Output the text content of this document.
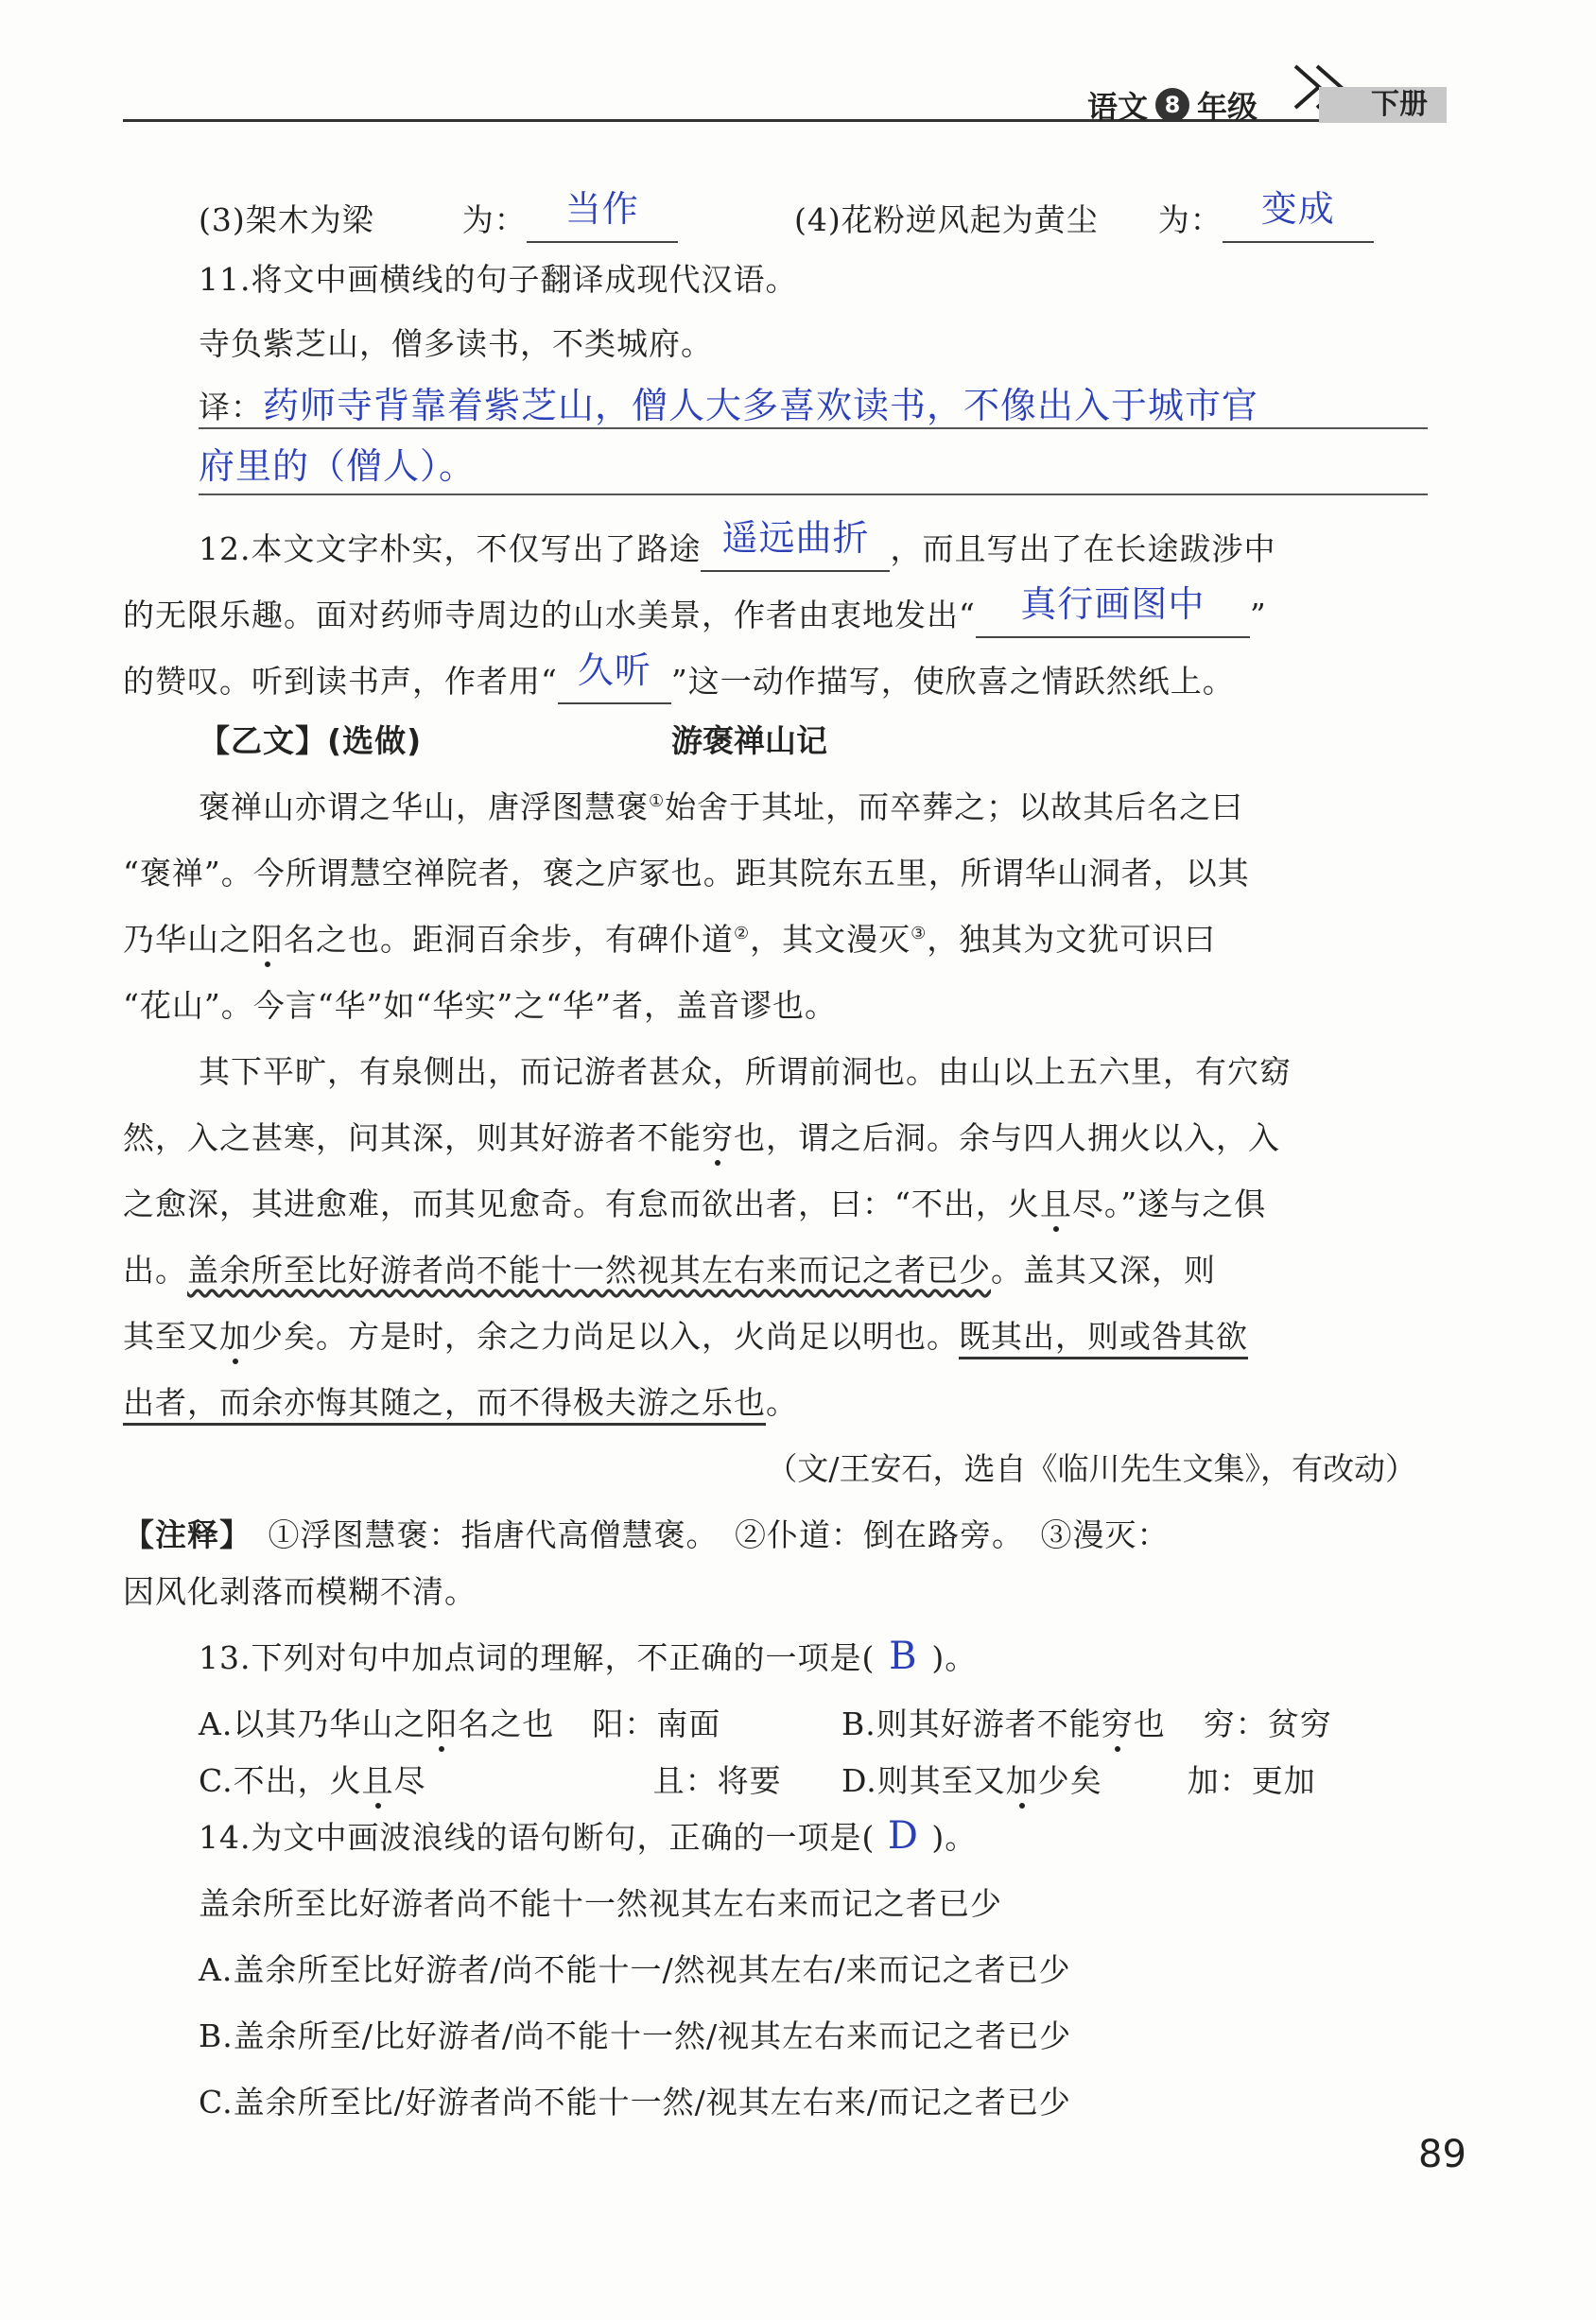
语文 8 年级	下册
(3)架木为梁	为： 当作	(4)花粉逆风起为黄尘 为： 变成
11.将文中画横线的句子翻译成现代汉语。
寺负紫芝山，僧多读书，不类城府。
译：药师寺背靠着紫芝山，僧人大多喜欢读书，不像出入于城市官
府里的（僧人）。
12.本文文字朴实，不仅写出了路途 遥远曲折 ，而且写出了在长途跋涉中
的无限乐趣。面对药师寺周边的山水美景，作者由衷地发出“ 真行画图中 ”
的赞叹。听到读书声，作者用“ 久听 ”这一动作描写，使欣喜之情跃然纸上。
【乙文】(选做)	游褒禅山记
褒禅山亦谓之华山，唐浮图慧褒①始舍于其址，而卒葬之；以故其后名之曰
“褒禅”。今所谓慧空禅院者，褒之庐冢也。距其院东五里，所谓华山洞者，以其
乃华山之阳名之也。距洞百余步，有碑仆道②，其文漫灭③，独其为文犹可识曰
“花山”。今言“华”如“华实”之“华”者，盖音谬也。
其下平旷，有泉侧出，而记游者甚众，所谓前洞也。由山以上五六里，有穴窈
然，入之甚寒，问其深，则其好游者不能穷也，谓之后洞。余与四人拥火以入，入
之愈深，其进愈难，而其见愈奇。有怠而欲出者，曰：“不出，火且尽。”遂与之俱
出。盖余所至比好游者尚不能十一然视其左右来而记之者已少。盖其又深，则
其至又加少矣。方是时，余之力尚足以入，火尚足以明也。既其出，则或咎其欲
出者，而余亦悔其随之，而不得极夫游之乐也。
（文/王安石，选自《临川先生文集》，有改动）
【注释】　 ①浮图慧褒：指唐代高僧慧褒。　②仆道：倒在路旁。　③漫灭：
因风化剥落而模糊不清。
13.下列对句中加点词的理解，不正确的一项是( B )。
A.以其乃华山之阳名之也 阳：南面	B.则其好游者不能穷也 穷：贫穷
C.不出，火且尽	且：将要 D.则其至又加少矣	加：更加
14.为文中画波浪线的语句断句，正确的一项是( D )。
盖余所至比好游者尚不能十一然视其左右来而记之者已少
A.盖余所至比好游者/尚不能十一/然视其左右/来而记之者已少
B.盖余所至/比好游者/尚不能十一然/视其左右来而记之者已少
C.盖余所至比/好游者尚不能十一然/视其左右来/而记之者已少
89
